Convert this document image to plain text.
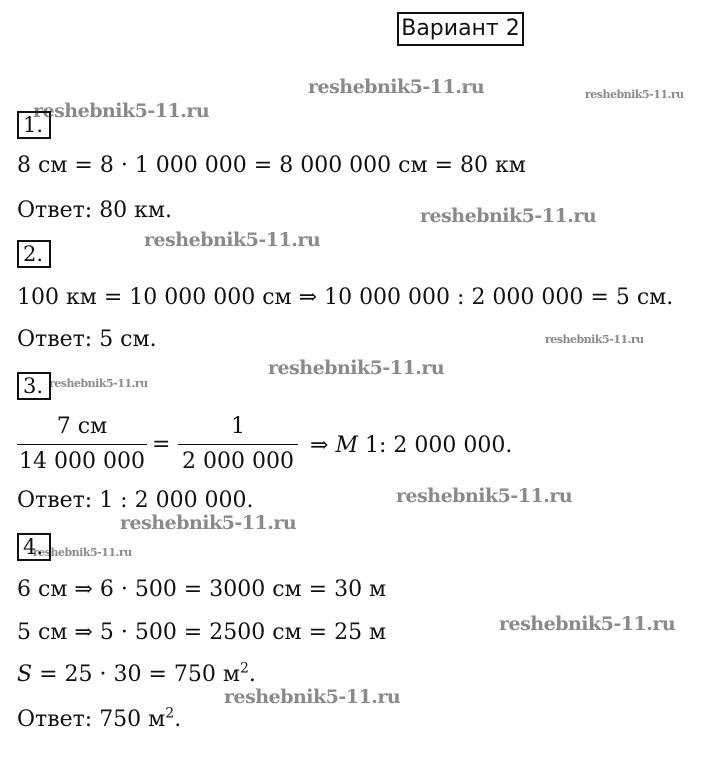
Вариант 2
reshebnik5-11.ru	reshebnik5-11.ru
reshebnik5-11.ru
reshebnik5-11.ru
reshebnik5-11.ru
reshebnik5-11.ru
reshebnik5-11.ru
reshebnik5-11.ru
reshebnik5-11.ru
reshebnik5-11.ru
reshebnik5-11.ru
reshebnik5-11.ru
reshebnik5-11.ru
1.
8 см = 8 · 1 000 000 = 8 000 000 см = 80 км
Ответ: 80 км.
2.
100 км = 10 000 000 см ⇒ 10 000 000 : 2 000 000 = 5 см.
Ответ: 5 см.
3.
7 см
14 000 000
=
1
2 000 000
⇒ M 1: 2 000 000.
Ответ: 1 : 2 000 000.
4.
6 см ⇒ 6 · 500 = 3000 см = 30 м
5 см ⇒ 5 · 500 = 2500 см = 25 м
S = 25 · 30 = 750 $м^2$.
Ответ: 750 $м^2$.
